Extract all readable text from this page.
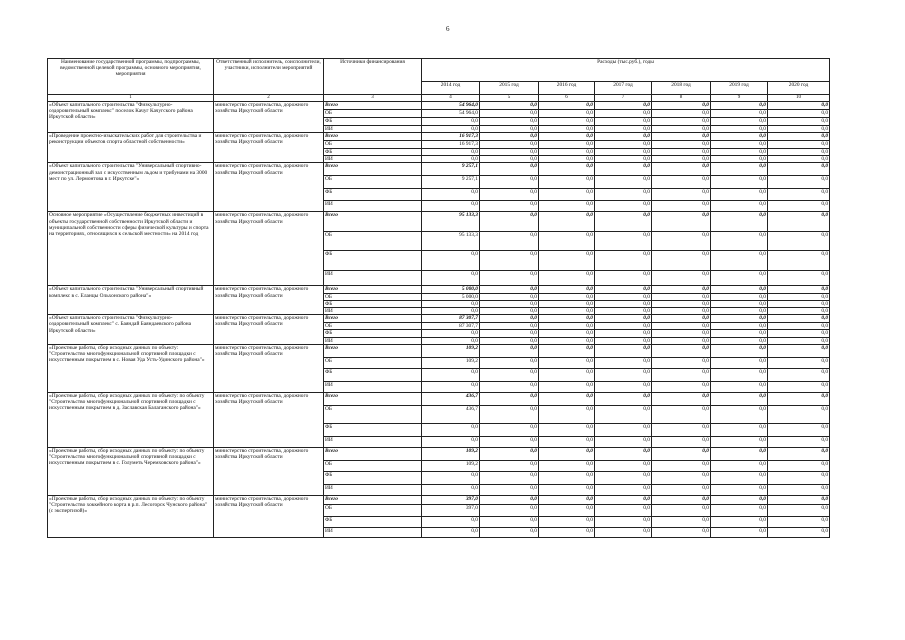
6
Наименование государственной программы, подпрограммы, ведомственной целевой программы, основного мероприятия, мероприятия	Ответственный исполнитель, соисполнители, участники, исполнители мероприятий	Источники финансирования	Расходы (тыс.руб.), годы						
			2014 год	2015 год	2016 год	2017 год	2018 год	2019 год	2020 год
1	2	3	4	5	6	7	8	9	10
«Объект капитального строительства "Физкультурно-оздоровительный комплекс" поселок Качуг Качугского района Иркутской области»	министерство строительства, дорожного хозяйства Иркутской области	Всего	54 964,0	0,0	0,0	0,0	0,0	0,0	0,0
		ОБ	54 964,0	0,0	0,0	0,0	0,0	0,0	0,0
		ФБ	0,0	0,0	0,0	0,0	0,0	0,0	0,0
		ИИ	0,0	0,0	0,0	0,0	0,0	0,0	0,0
«Проведение проектно-изыскательских работ для строительства и реконструкции объектов спорта областной собственности»	министерство строительства, дорожного хозяйства Иркутской области	Всего	16 917,3	0,0	0,0	0,0	0,0	0,0	0,0
		ОБ	16 917,3	0,0	0,0	0,0	0,0	0,0	0,0
		ФБ	0,0	0,0	0,0	0,0	0,0	0,0	0,0
		ИИ	0,0	0,0	0,0	0,0	0,0	0,0	0,0
«Объект капитального строительства "Универсальный спортивно-демонстрационный зал с искусственным льдом и трибунами на 3000 мест по ул. Лермонтова в г. Иркутске"»	министерство строительства, дорожного хозяйства Иркутской области	Всего	9 257,1	0,0	0,0	0,0	0,0	0,0	0,0
		ОБ	9 257,1	0,0	0,0	0,0	0,0	0,0	0,0
		ФБ	0,0	0,0	0,0	0,0	0,0	0,0	0,0
		ИИ	0,0	0,0	0,0	0,0	0,0	0,0	0,0
Основное мероприятие «Осуществление бюджетных инвестиций в объекты государственной собственности Иркутской области и муниципальной собственности сферы физической культуры и спорта на территориях, относящихся к сельской местности» на 2014 год	министерство строительства, дорожного хозяйства Иркутской области	Всего	95 133,3	0,0	0,0	0,0	0,0	0,0	0,0
		ОБ	95 133,3	0,0	0,0	0,0	0,0	0,0	0,0
		ФБ	0,0	0,0	0,0	0,0	0,0	0,0	0,0
		ИИ	0,0	0,0	0,0	0,0	0,0	0,0	0,0
«Объект капитального строительства "Универсальный спортивный комплекс в с. Еланцы Ольхонского района"»	министерство строительства, дорожного хозяйства Иркутской области	Всего	5 000,0	0,0	0,0	0,0	0,0	0,0	0,0
		ОБ	5 000,0	0,0	0,0	0,0	0,0	0,0	0,0
		ФБ	0,0	0,0	0,0	0,0	0,0	0,0	0,0
		ИИ	0,0	0,0	0,0	0,0	0,0	0,0	0,0
«Объект капитального строительства "Физкультурно-оздоровительный комплекс" с. Баяндай Баяндаевского района Иркутской области»	министерство строительства, дорожного хозяйства Иркутской области	Всего	87 307,7	0,0	0,0	0,0	0,0	0,0	0,0
		ОБ	87 307,7	0,0	0,0	0,0	0,0	0,0	0,0
		ФБ	0,0	0,0	0,0	0,0	0,0	0,0	0,0
		ИИ	0,0	0,0	0,0	0,0	0,0	0,0	0,0
«Проектные работы, сбор исходных данных по объекту: "Строительство многофункциональной спортивной площадки с искусственным покрытием в с. Новая Уда Усть-Удинского района"»	министерство строительства, дорожного хозяйства Иркутской области	Всего	109,2	0,0	0,0	0,0	0,0	0,0	0,0
		ОБ	109,2	0,0	0,0	0,0	0,0	0,0	0,0
		ФБ	0,0	0,0	0,0	0,0	0,0	0,0	0,0
		ИИ	0,0	0,0	0,0	0,0	0,0	0,0	0,0
«Проектные работы, сбор исходных данных по объекту: по объекту "Строительство многофункциональной спортивной площадки с искусственным покрытием в д. Заславская Балаганского района"»	министерство строительства, дорожного хозяйства Иркутской области	Всего	436,7	0,0	0,0	0,0	0,0	0,0	0,0
		ОБ	436,7	0,0	0,0	0,0	0,0	0,0	0,0
		ФБ	0,0	0,0	0,0	0,0	0,0	0,0	0,0
		ИИ	0,0	0,0	0,0	0,0	0,0	0,0	0,0
«Проектные работы, сбор исходных данных по объекту: по объекту "Строительство многофункциональной спортивной площадки с искусственным покрытием в с. Голуметь Черемховского района"»	министерство строительства, дорожного хозяйства Иркутской области	Всего	109,2	0,0	0,0	0,0	0,0	0,0	0,0
		ОБ	109,2	0,0	0,0	0,0	0,0	0,0	0,0
		ФБ	0,0	0,0	0,0	0,0	0,0	0,0	0,0
		ИИ	0,0	0,0	0,0	0,0	0,0	0,0	0,0
«Проектные работы, сбор исходных данных по объекту: по объекту "Строительство хоккейного корта в р.п. Лесогорск Чунского района" (с экспертизой)»	министерство строительства, дорожного хозяйства Иркутской области	Всего	397,0	0,0	0,0	0,0	0,0	0,0	0,0
		ОБ	397,0	0,0	0,0	0,0	0,0	0,0	0,0
		ФБ	0,0	0,0	0,0	0,0	0,0	0,0	0,0
		ИИ	0,0	0,0	0,0	0,0	0,0	0,0	0,0
